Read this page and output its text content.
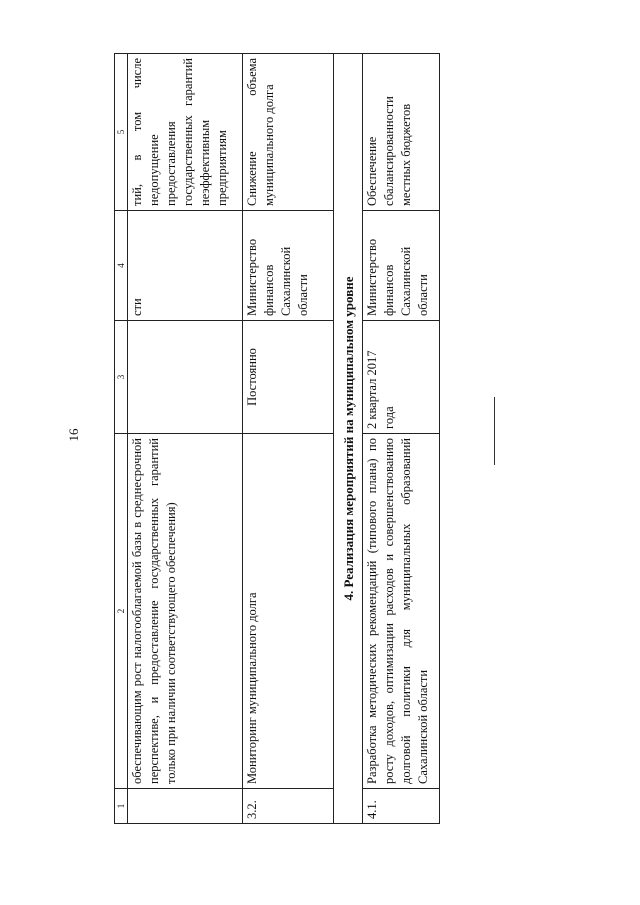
16
1	2	3	4	5
	обеспечивающим рост налогооблагаемой базы в среднесрочной перспективе, и предоставление государственных гарантий только при наличии соответствующего обеспечения)		сти	тий, в том числе недопущение предоставления государственных гарантий неэффективным предприятиям
3.2.	Мониторинг муниципального долга	Постоянно	Министерство финансов Сахалинской области	Снижение объема муниципального долга
4. Реализация мероприятий на муниципальном уровне				
4.1.	Разработка методических рекомендаций (типового плана) по росту доходов, оптимизации расходов и совершенствованию долговой политики для муниципальных образований Сахалинской области	2 квартал 2017 года	Министерство финансов Сахалинской области	Обеспечение сбалансированности местных бюджетов
